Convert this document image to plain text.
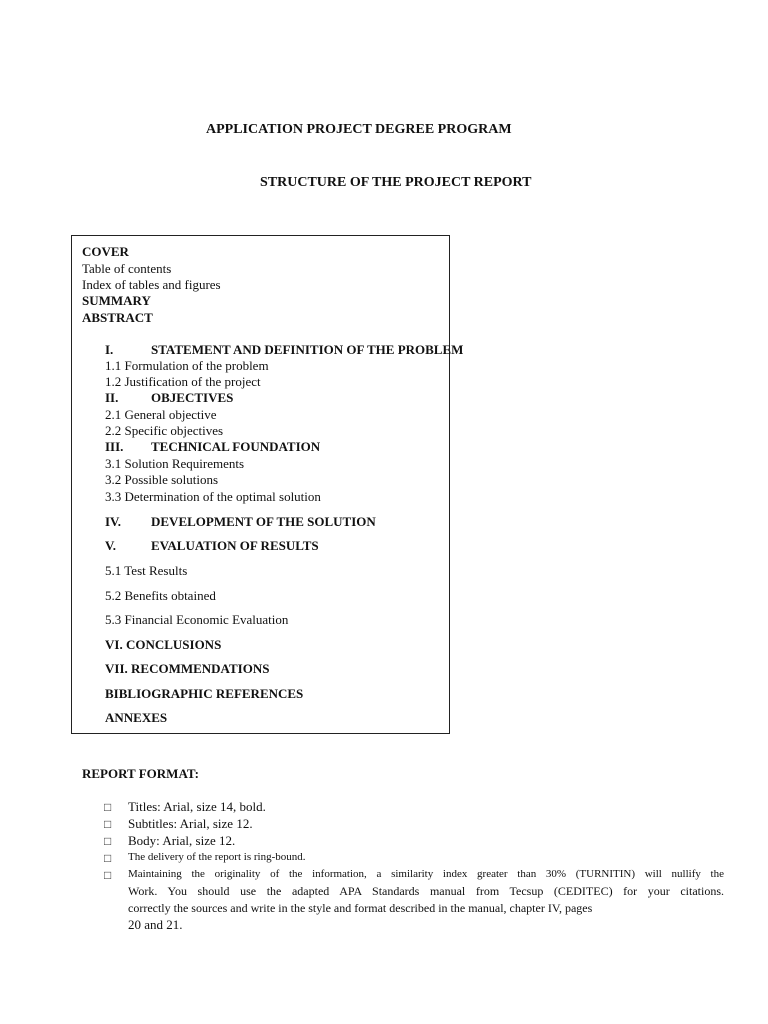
APPLICATION PROJECT DEGREE PROGRAM
STRUCTURE OF THE PROJECT REPORT
COVER
Table of contents
Index of tables and figures
SUMMARY
ABSTRACT
I.	STATEMENT AND DEFINITION OF THE PROBLEM
1.1 Formulation of the problem
1.2 Justification of the project
II.	OBJECTIVES
2.1 General objective
2.2 Specific objectives
III. TECHNICAL FOUNDATION
3.1 Solution Requirements
3.2 Possible solutions
3.3 Determination of the optimal solution
IV. DEVELOPMENT OF THE SOLUTION
V.	EVALUATION OF RESULTS
5.1 Test Results
5.2 Benefits obtained
5.3 Financial Economic Evaluation
VI. CONCLUSIONS
VII. RECOMMENDATIONS
BIBLIOGRAPHIC REFERENCES
ANNEXES
REPORT FORMAT:
□	Titles: Arial, size 14, bold.
□	Subtitles: Arial, size 12.
□	Body: Arial, size 12.
□	The delivery of the report is ring-bound.
□	Maintaining the originality of the information, a similarity index greater than 30% (TURNITIN) will nullify the

Work. You should use the adapted APA Standards manual from Tecsup (CEDITEC) for your citations.

correctly the sources and write in the style and format described in the manual, chapter IV, pages

20 and 21.
